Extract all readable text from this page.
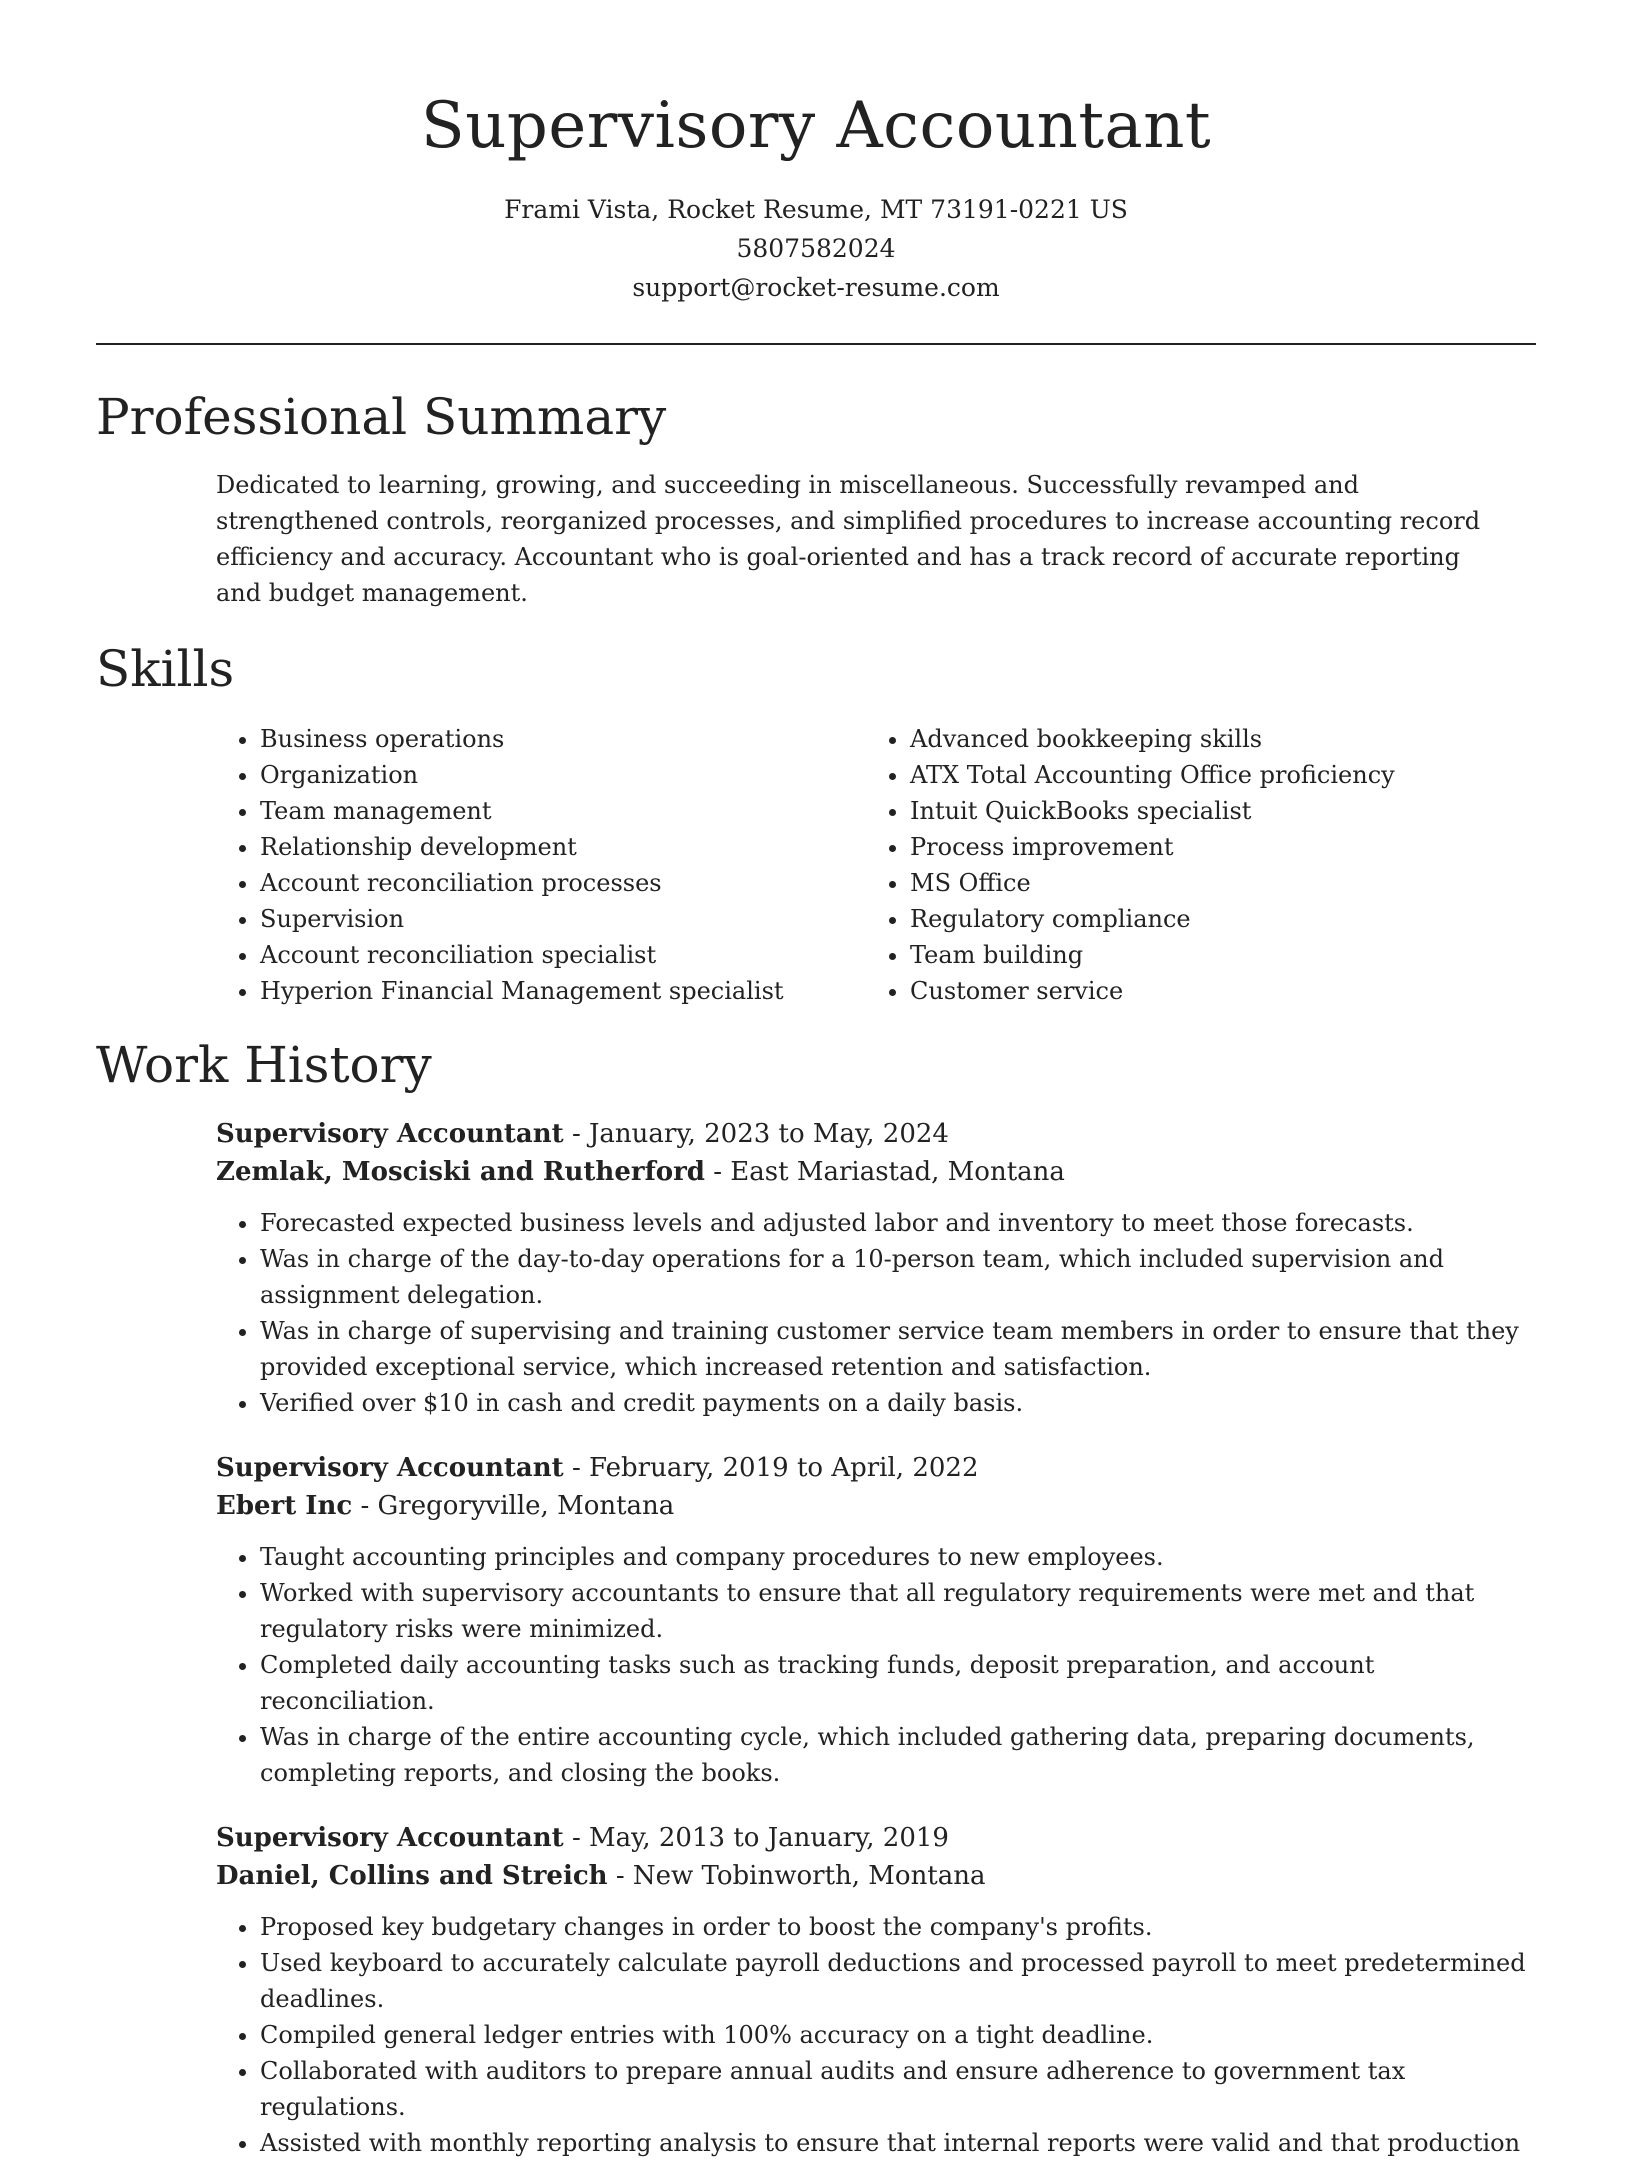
Supervisory Accountant
Frami Vista, Rocket Resume, MT 73191-0221 US
5807582024
support@rocket-resume.com
Professional Summary
Dedicated to learning, growing, and succeeding in miscellaneous. Successfully revamped and strengthened controls, reorganized processes, and simplified procedures to increase accounting record efficiency and accuracy. Accountant who is goal-oriented and has a track record of accurate reporting and budget management.
Skills
• Business operations
• Organization
• Team management
• Relationship development
• Account reconciliation processes
• Supervision
• Account reconciliation specialist
• Hyperion Financial Management specialist
• Advanced bookkeeping skills
• ATX Total Accounting Office proficiency
• Intuit QuickBooks specialist
• Process improvement
• MS Office
• Regulatory compliance
• Team building
• Customer service
Work History
Supervisory Accountant - January, 2023 to May, 2024
Zemlak, Mosciski and Rutherford - East Mariastad, Montana
• Forecasted expected business levels and adjusted labor and inventory to meet those forecasts.
• Was in charge of the day-to-day operations for a 10-person team, which included supervision and assignment delegation.
• Was in charge of supervising and training customer service team members in order to ensure that they provided exceptional service, which increased retention and satisfaction.
• Verified over $10 in cash and credit payments on a daily basis.
Supervisory Accountant - February, 2019 to April, 2022
Ebert Inc - Gregoryville, Montana
• Taught accounting principles and company procedures to new employees.
• Worked with supervisory accountants to ensure that all regulatory requirements were met and that regulatory risks were minimized.
• Completed daily accounting tasks such as tracking funds, deposit preparation, and account reconciliation.
• Was in charge of the entire accounting cycle, which included gathering data, preparing documents, completing reports, and closing the books.
Supervisory Accountant - May, 2013 to January, 2019
Daniel, Collins and Streich - New Tobinworth, Montana
• Proposed key budgetary changes in order to boost the company's profits.
• Used keyboard to accurately calculate payroll deductions and processed payroll to meet predetermined deadlines.
• Compiled general ledger entries with 100% accuracy on a tight deadline.
• Collaborated with auditors to prepare annual audits and ensure adherence to government tax regulations.
• Assisted with monthly reporting analysis to ensure that internal reports were valid and that production
